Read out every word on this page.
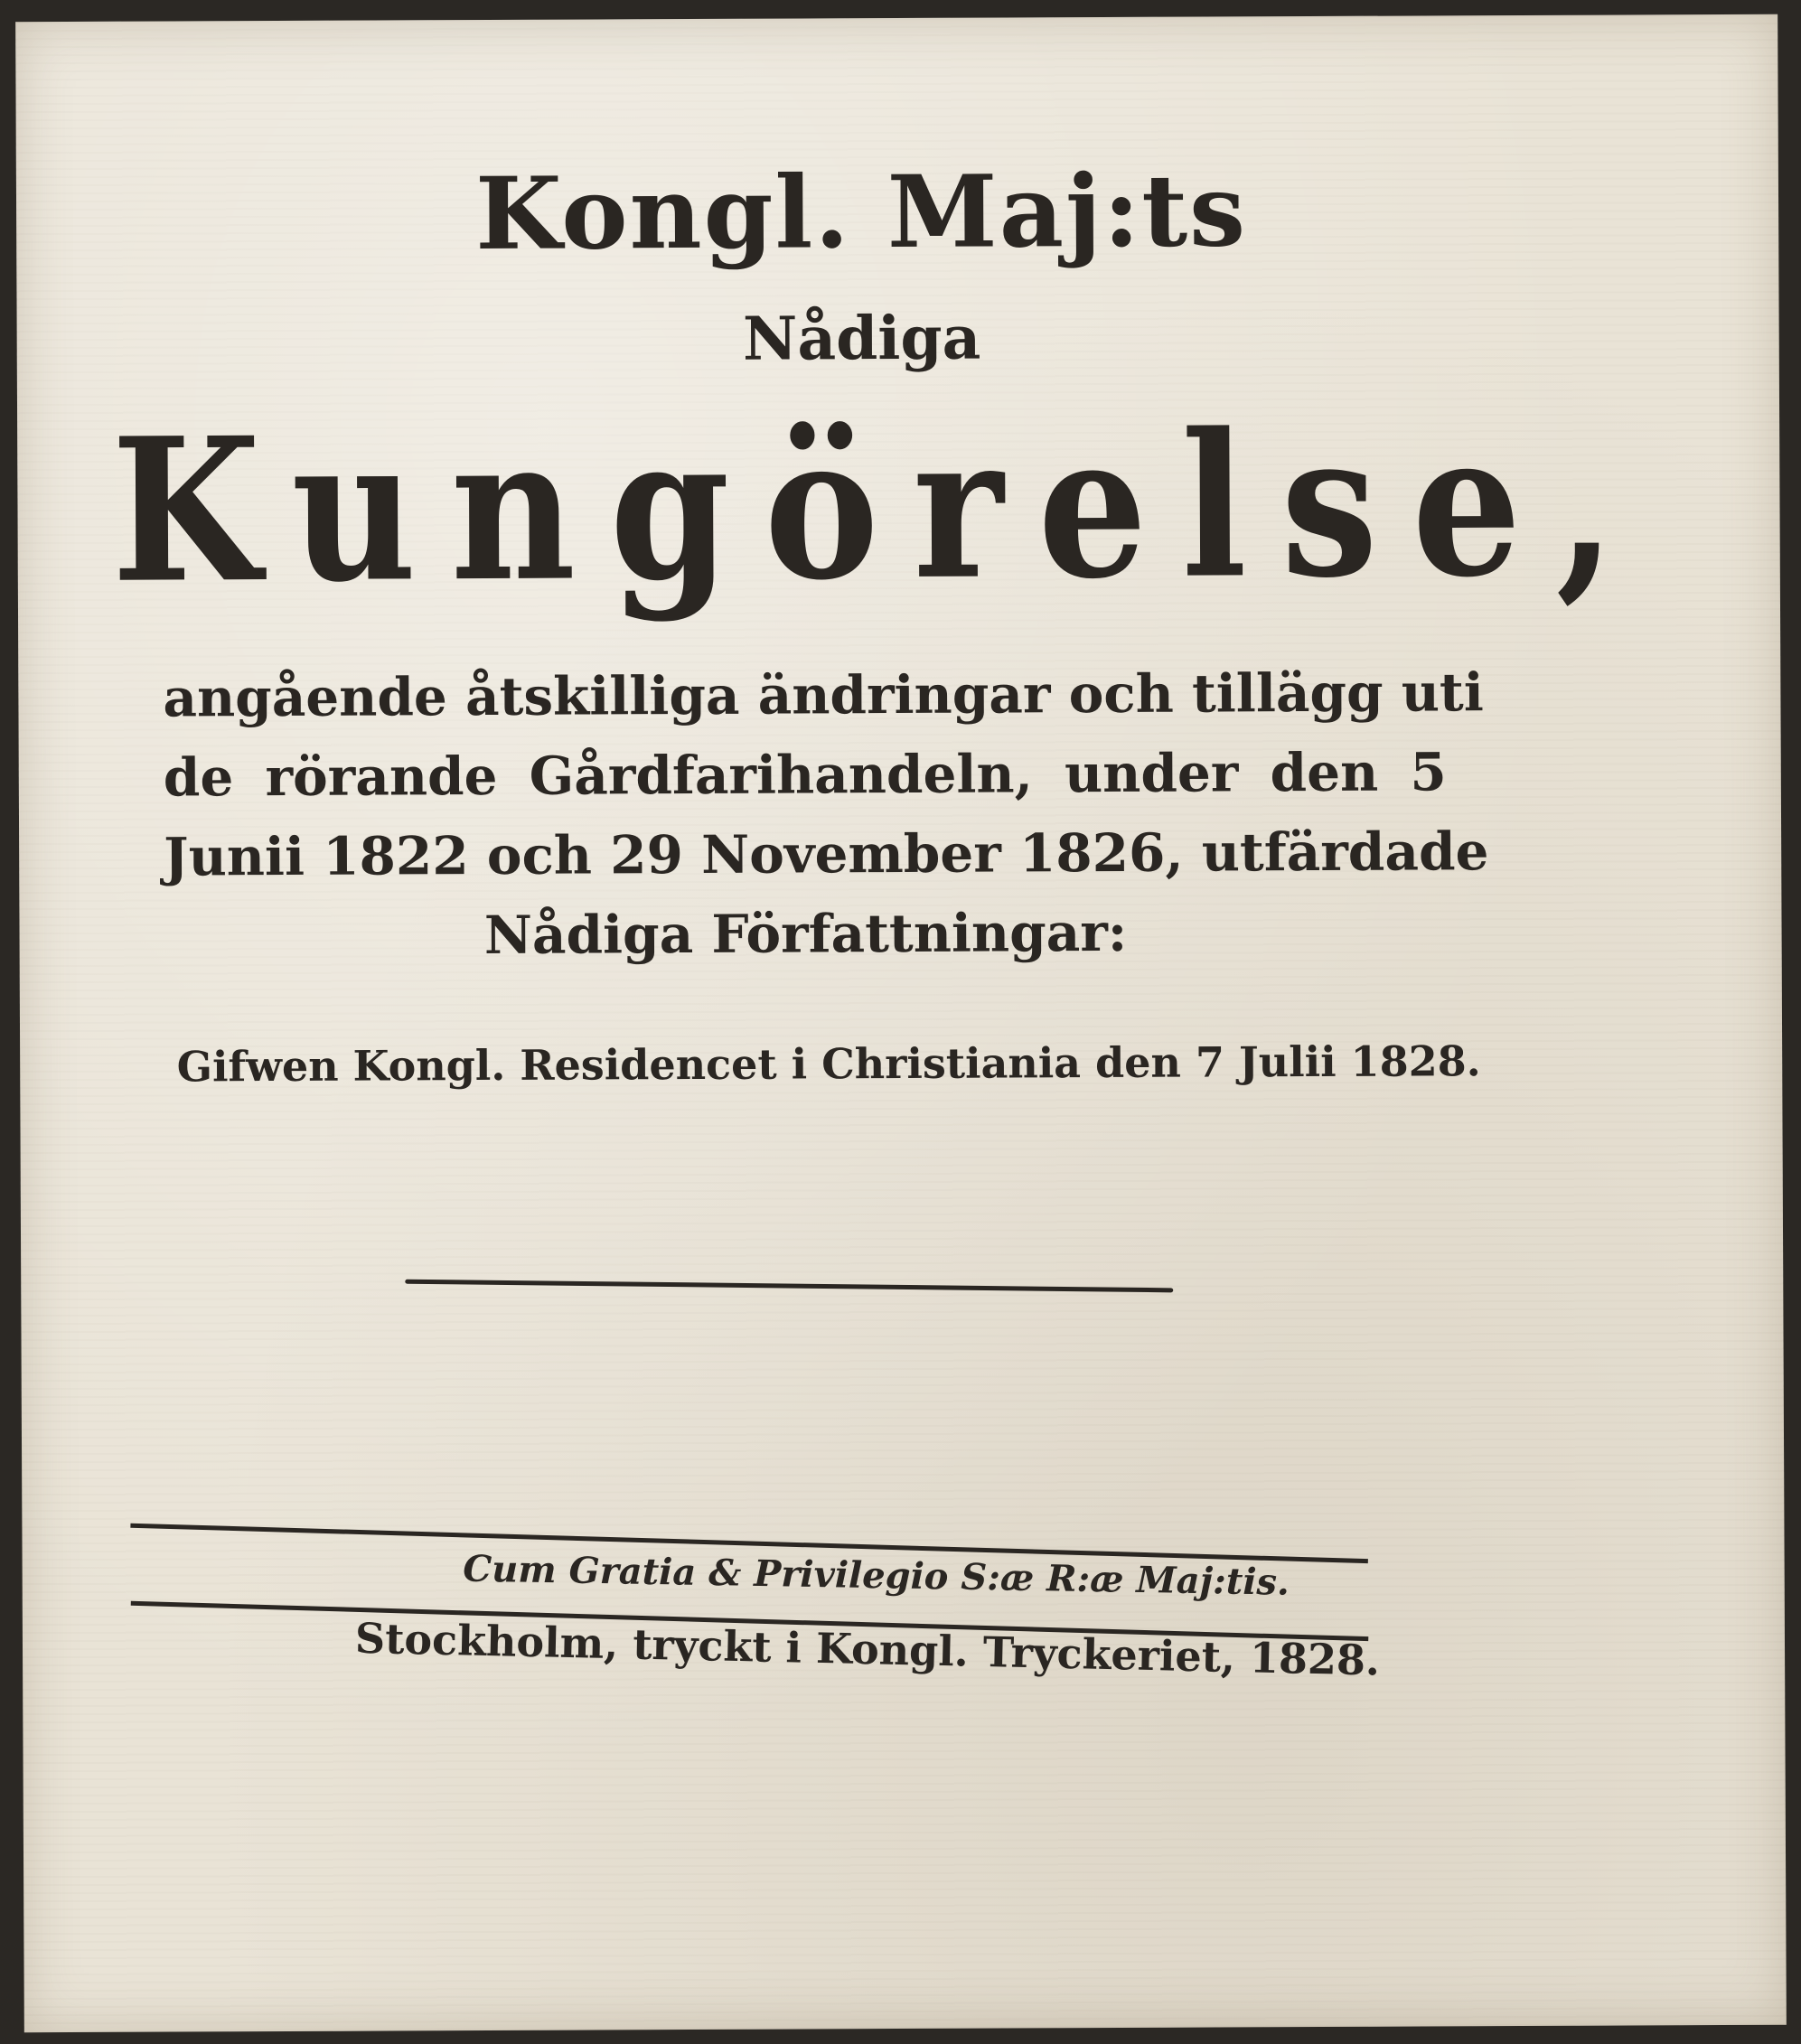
Kongl. Maj:ts
Nådiga
Kungörelse,
angående åtskilliga ändringar och tillägg uti
de rörande Gårdfarihandeln, under den 5
Junii 1822 och 29 November 1826, utfärdade
Nådiga Författningar:
Gifwen Kongl. Residencet i Christiania den 7 Julii 1828.
Cum Gratia & Privilegio S:æ R:æ Maj:tis.
Stockholm, tryckt i Kongl. Tryckeriet, 1828.
